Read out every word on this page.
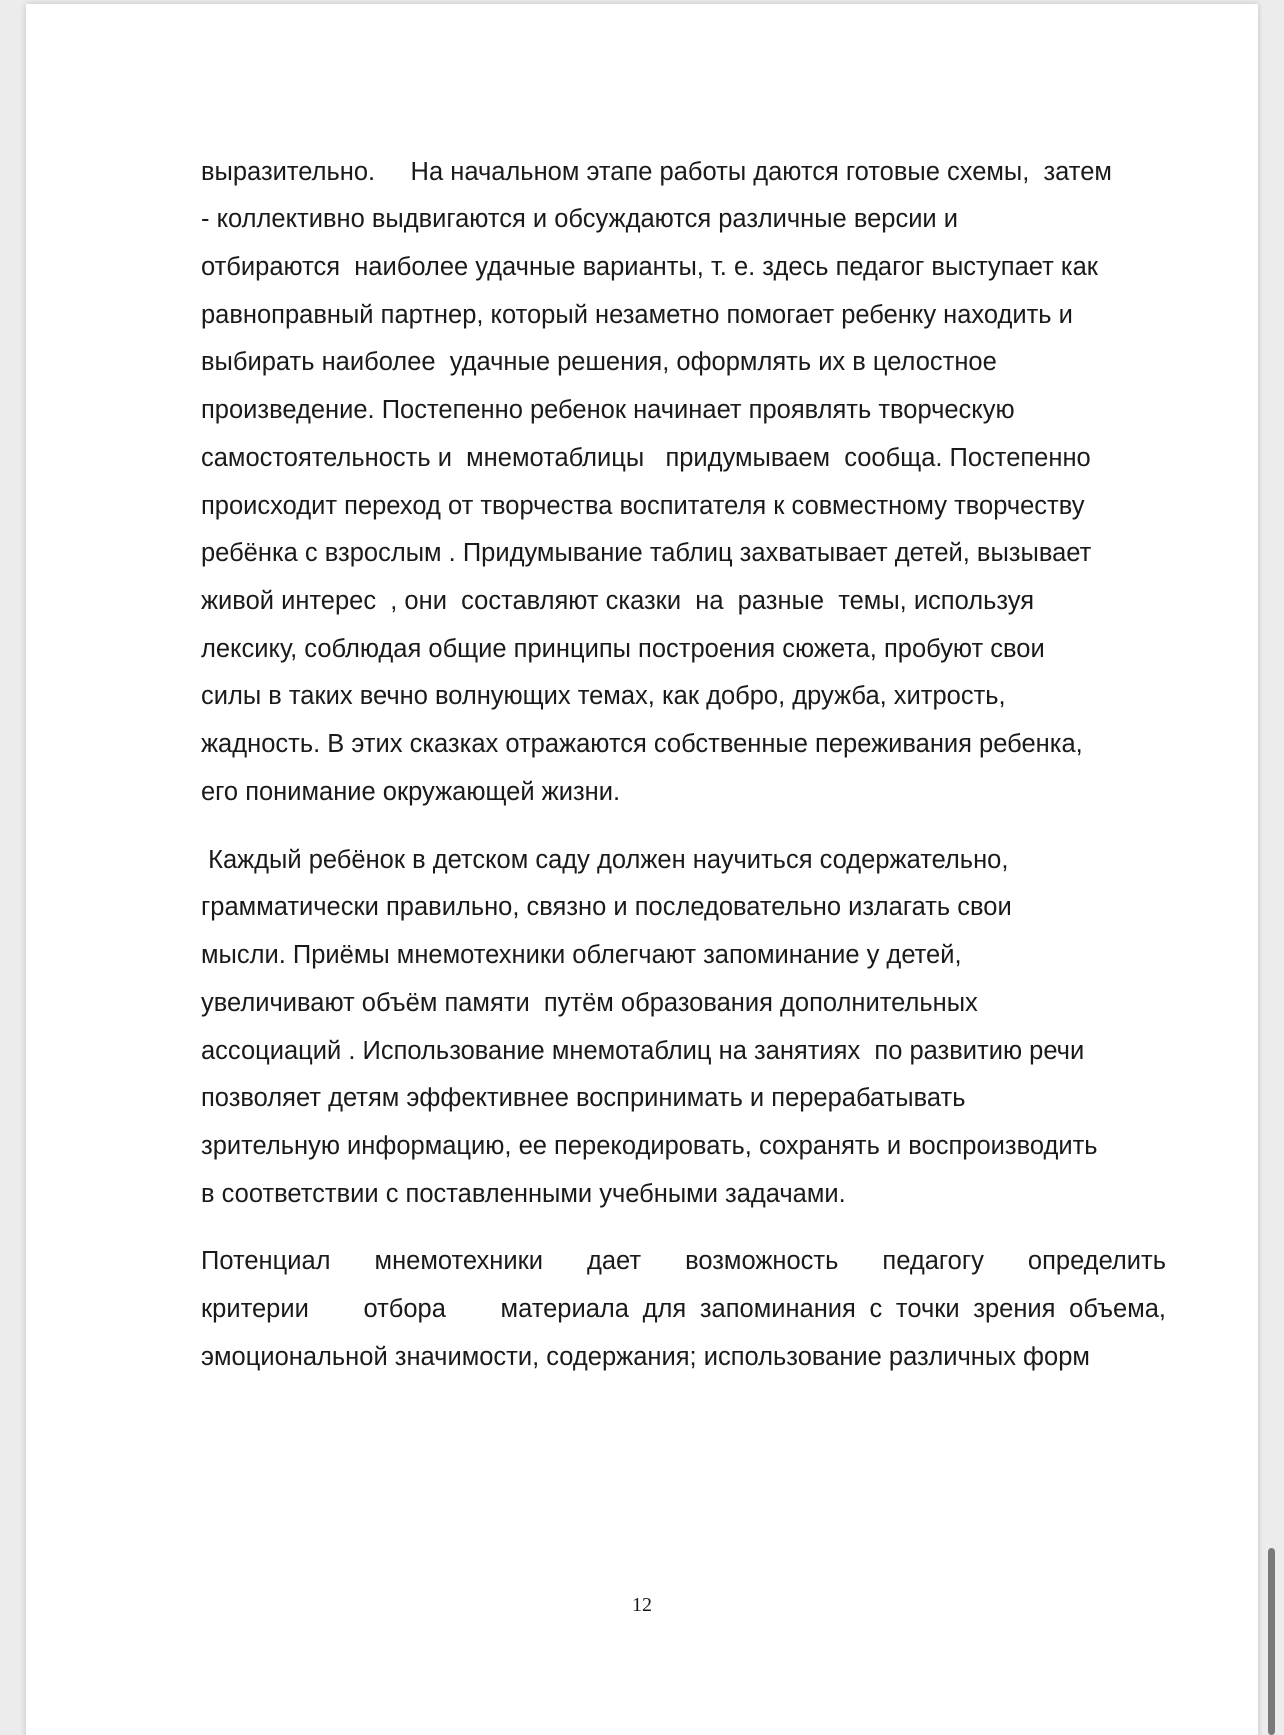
выразительно.     На начальном этапе работы даются готовые схемы,  затем

- коллективно выдвигаются и обсуждаются различные версии и

отбираются  наиболее удачные варианты, т. е. здесь педагог выступает как

равноправный партнер, который незаметно помогает ребенку находить и

выбирать наиболее  удачные решения, оформлять их в целостное

произведение. Постепенно ребенок начинает проявлять творческую

самостоятельность и  мнемотаблицы   придумываем  сообща. Постепенно

происходит переход от творчества воспитателя к совместному творчеству

ребёнка с взрослым . Придумывание таблиц захватывает детей, вызывает

живой интерес  , они  составляют сказки  на  разные  темы, используя

лексику, соблюдая общие принципы построения сюжета, пробуют свои

силы в таких вечно волнующих темах, как добро, дружба, хитрость,

жадность. В этих сказках отражаются собственные переживания ребенка,

его понимание окружающей жизни.

Каждый ребёнок в детском саду должен научиться содержательно,

грамматически правильно, связно и последовательно излагать свои

мысли. Приёмы мнемотехники облегчают запоминание у детей,

увеличивают объём памяти  путём образования дополнительных

ассоциаций . Использование мнемотаблиц на занятиях  по развитию речи

позволяет детям эффективнее воспринимать и перерабатывать

зрительную информацию, ее перекодировать, сохранять и воспроизводить

в соответствии с поставленными учебными задачами.

Потенциал    мнемотехники    дает    возможность    педагогу    определить

критерии    отбора    материала для запоминания с точки зрения объема,

эмоциональной значимости, содержания; использование различных форм

12
